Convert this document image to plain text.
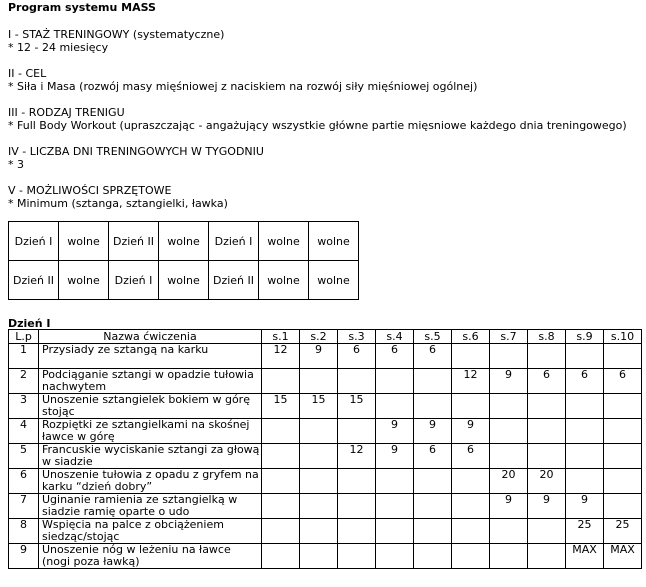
Program systemu MASS
I - STAŻ TRENINGOWY (systematyczne)
* 12 - 24 miesięcy
II - CEL
* Siła i Masa (rozwój masy mięśniowej z naciskiem na rozwój siły mięśniowej ogólnej)
III - RODZAJ TRENIGU
* Full Body Workout (upraszczając - angażujący wszystkie główne partie mięsniowe każdego dnia treningowego)
IV - LICZBA DNI TRENINGOWYCH W TYGODNIU
* 3
V - MOŻLIWOŚCI SPRZĘTOWE
* Minimum (sztanga, sztangielki, ławka)
Dzień I	wolne	Dzień II	wolne	Dzień I	wolne	wolne
Dzień II	wolne	Dzień I	wolne	Dzień II	wolne	wolne
Dzień I
L.p	Nazwa ćwiczenia	s.1	s.2	s.3	s.4	s.5	s.6	s.7	s.8	s.9	s.10
1	Przysiady ze sztangą na karku	12	9	6	6	6					
2	Podciąganie sztangi w opadzie tułowia nachwytem						12	9	6	6	6
3	Unoszenie sztangielek bokiem w górę stojąc	15	15	15							
4	Rozpiętki ze sztangielkami na skośnej ławce w górę				9	9	9				
5	Francuskie wyciskanie sztangi za głową w siadzie			12	9	6	6				
6	Unoszenie tułowia z opadu z gryfem na karku “dzień dobry”							20	20		
7	Uginanie ramienia ze sztangielką w siadzie ramię oparte o udo							9	9	9	
8	Wspięcia na palce z obciążeniem siedząc/stojąc									25	25
9	Unoszenie nóg w leżeniu na ławce (nogi poza ławką)									MAX	MAX
